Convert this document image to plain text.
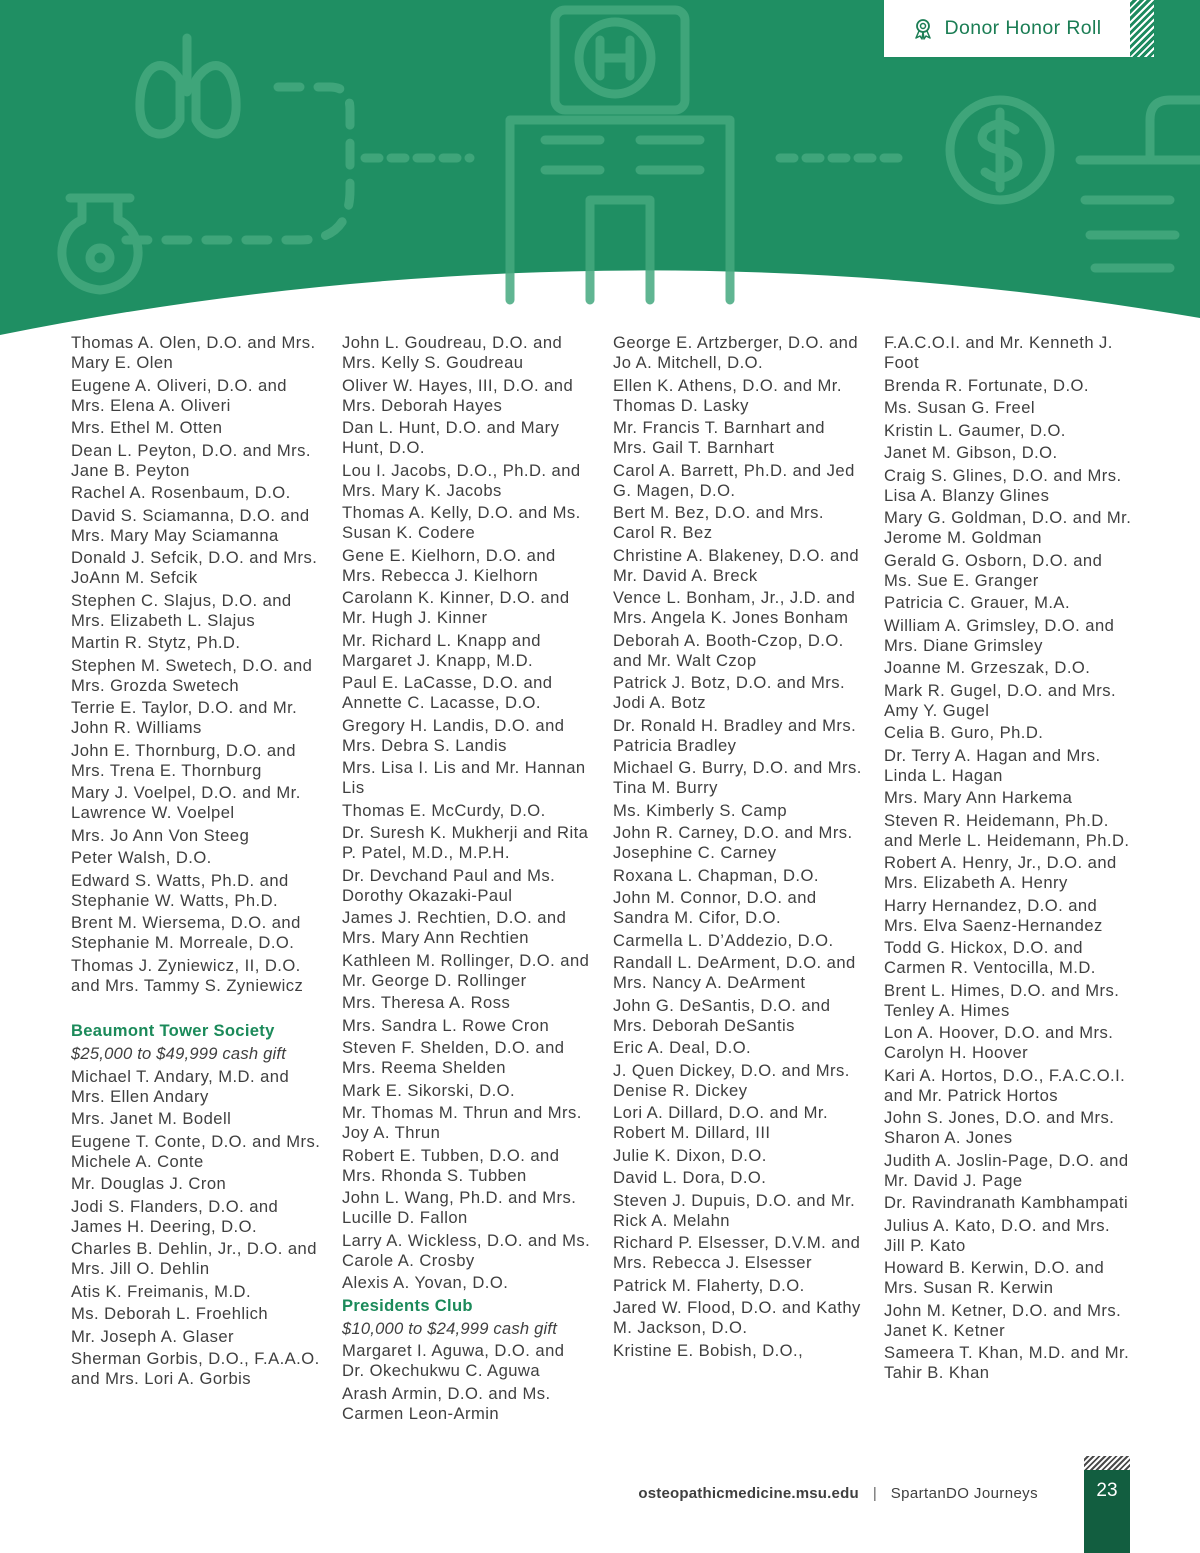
Donor Honor Roll
Thomas A. Olen, D.O. and Mrs. Mary E. Olen
Eugene A. Oliveri, D.O. and Mrs. Elena A. Oliveri
Mrs. Ethel M. Otten
Dean L. Peyton, D.O. and Mrs. Jane B. Peyton
Rachel A. Rosenbaum, D.O.
David S. Sciamanna, D.O. and Mrs. Mary May Sciamanna
Donald J. Sefcik, D.O. and Mrs. JoAnn M. Sefcik
Stephen C. Slajus, D.O. and Mrs. Elizabeth L. Slajus
Martin R. Stytz, Ph.D.
Stephen M. Swetech, D.O. and Mrs. Grozda Swetech
Terrie E. Taylor, D.O. and Mr. John R. Williams
John E. Thornburg, D.O. and Mrs. Trena E. Thornburg
Mary J. Voelpel, D.O. and Mr. Lawrence W. Voelpel
Mrs. Jo Ann Von Steeg
Peter Walsh, D.O.
Edward S. Watts, Ph.D. and Stephanie W. Watts, Ph.D.
Brent M. Wiersema, D.O. and Stephanie M. Morreale, D.O.
Thomas J. Zyniewicz, II, D.O. and Mrs. Tammy S. Zyniewicz
Beaumont Tower Society
$25,000 to $49,999 cash gift
Michael T. Andary, M.D. and Mrs. Ellen Andary
Mrs. Janet M. Bodell
Eugene T. Conte, D.O. and Mrs. Michele A. Conte
Mr. Douglas J. Cron
Jodi S. Flanders, D.O. and James H. Deering, D.O.
Charles B. Dehlin, Jr., D.O. and Mrs. Jill O. Dehlin
Atis K. Freimanis, M.D.
Ms. Deborah L. Froehlich
Mr. Joseph A. Glaser
Sherman Gorbis, D.O., F.A.A.O. and Mrs. Lori A. Gorbis
John L. Goudreau, D.O. and Mrs. Kelly S. Goudreau
Oliver W. Hayes, III, D.O. and Mrs. Deborah Hayes
Dan L. Hunt, D.O. and Mary Hunt, D.O.
Lou I. Jacobs, D.O., Ph.D. and Mrs. Mary K. Jacobs
Thomas A. Kelly, D.O. and Ms. Susan K. Codere
Gene E. Kielhorn, D.O. and Mrs. Rebecca J. Kielhorn
Carolann K. Kinner, D.O. and Mr. Hugh J. Kinner
Mr. Richard L. Knapp and Margaret J. Knapp, M.D.
Paul E. LaCasse, D.O. and Annette C. Lacasse, D.O.
Gregory H. Landis, D.O. and Mrs. Debra S. Landis
Mrs. Lisa I. Lis and Mr. Hannan Lis
Thomas E. McCurdy, D.O.
Dr. Suresh K. Mukherji and Rita P. Patel, M.D., M.P.H.
Dr. Devchand Paul and Ms. Dorothy Okazaki-Paul
James J. Rechtien, D.O. and Mrs. Mary Ann Rechtien
Kathleen M. Rollinger, D.O. and Mr. George D. Rollinger
Mrs. Theresa A. Ross
Mrs. Sandra L. Rowe Cron
Steven F. Shelden, D.O. and Mrs. Reema Shelden
Mark E. Sikorski, D.O.
Mr. Thomas M. Thrun and Mrs. Joy A. Thrun
Robert E. Tubben, D.O. and Mrs. Rhonda S. Tubben
John L. Wang, Ph.D. and Mrs. Lucille D. Fallon
Larry A. Wickless, D.O. and Ms. Carole A. Crosby
Alexis A. Yovan, D.O.
Presidents Club
$10,000 to $24,999 cash gift
Margaret I. Aguwa, D.O. and Dr. Okechukwu C. Aguwa
Arash Armin, D.O. and Ms. Carmen Leon-Armin
George E. Artzberger, D.O. and Jo A. Mitchell, D.O.
Ellen K. Athens, D.O. and Mr. Thomas D. Lasky
Mr. Francis T. Barnhart and Mrs. Gail T. Barnhart
Carol A. Barrett, Ph.D. and Jed G. Magen, D.O.
Bert M. Bez, D.O. and Mrs. Carol R. Bez
Christine A. Blakeney, D.O. and Mr. David A. Breck
Vence L. Bonham, Jr., J.D. and Mrs. Angela K. Jones Bonham
Deborah A. Booth-Czop, D.O. and Mr. Walt Czop
Patrick J. Botz, D.O. and Mrs. Jodi A. Botz
Dr. Ronald H. Bradley and Mrs. Patricia Bradley
Michael G. Burry, D.O. and Mrs. Tina M. Burry
Ms. Kimberly S. Camp
John R. Carney, D.O. and Mrs. Josephine C. Carney
Roxana L. Chapman, D.O.
John M. Connor, D.O. and Sandra M. Cifor, D.O.
Carmella L. D’Addezio, D.O.
Randall L. DeArment, D.O. and Mrs. Nancy A. DeArment
John G. DeSantis, D.O. and Mrs. Deborah DeSantis
Eric A. Deal, D.O.
J. Quen Dickey, D.O. and Mrs. Denise R. Dickey
Lori A. Dillard, D.O. and Mr. Robert M. Dillard, III
Julie K. Dixon, D.O.
David L. Dora, D.O.
Steven J. Dupuis, D.O. and Mr. Rick A. Melahn
Richard P. Elsesser, D.V.M. and Mrs. Rebecca J. Elsesser
Patrick M. Flaherty, D.O.
Jared W. Flood, D.O. and Kathy M. Jackson, D.O.
Kristine E. Bobish, D.O.,
F.A.C.O.I. and Mr. Kenneth J. Foot
Brenda R. Fortunate, D.O.
Ms. Susan G. Freel
Kristin L. Gaumer, D.O.
Janet M. Gibson, D.O.
Craig S. Glines, D.O. and Mrs. Lisa A. Blanzy Glines
Mary G. Goldman, D.O. and Mr. Jerome M. Goldman
Gerald G. Osborn, D.O. and Ms. Sue E. Granger
Patricia C. Grauer, M.A.
William A. Grimsley, D.O. and Mrs. Diane Grimsley
Joanne M. Grzeszak, D.O.
Mark R. Gugel, D.O. and Mrs. Amy Y. Gugel
Celia B. Guro, Ph.D.
Dr. Terry A. Hagan and Mrs. Linda L. Hagan
Mrs. Mary Ann Harkema
Steven R. Heidemann, Ph.D. and Merle L. Heidemann, Ph.D.
Robert A. Henry, Jr., D.O. and Mrs. Elizabeth A. Henry
Harry Hernandez, D.O. and Mrs. Elva Saenz-Hernandez
Todd G. Hickox, D.O. and Carmen R. Ventocilla, M.D.
Brent L. Himes, D.O. and Mrs. Tenley A. Himes
Lon A. Hoover, D.O. and Mrs. Carolyn H. Hoover
Kari A. Hortos, D.O., F.A.C.O.I. and Mr. Patrick Hortos
John S. Jones, D.O. and Mrs. Sharon A. Jones
Judith A. Joslin-Page, D.O. and Mr. David J. Page
Dr. Ravindranath Kambhampati
Julius A. Kato, D.O. and Mrs. Jill P. Kato
Howard B. Kerwin, D.O. and Mrs. Susan R. Kerwin
John M. Ketner, D.O. and Mrs. Janet K. Ketner
Sameera T. Khan, M.D. and Mr. Tahir B. Khan
osteopathicmedicine.msu.edu | SpartanDO Journeys	23
